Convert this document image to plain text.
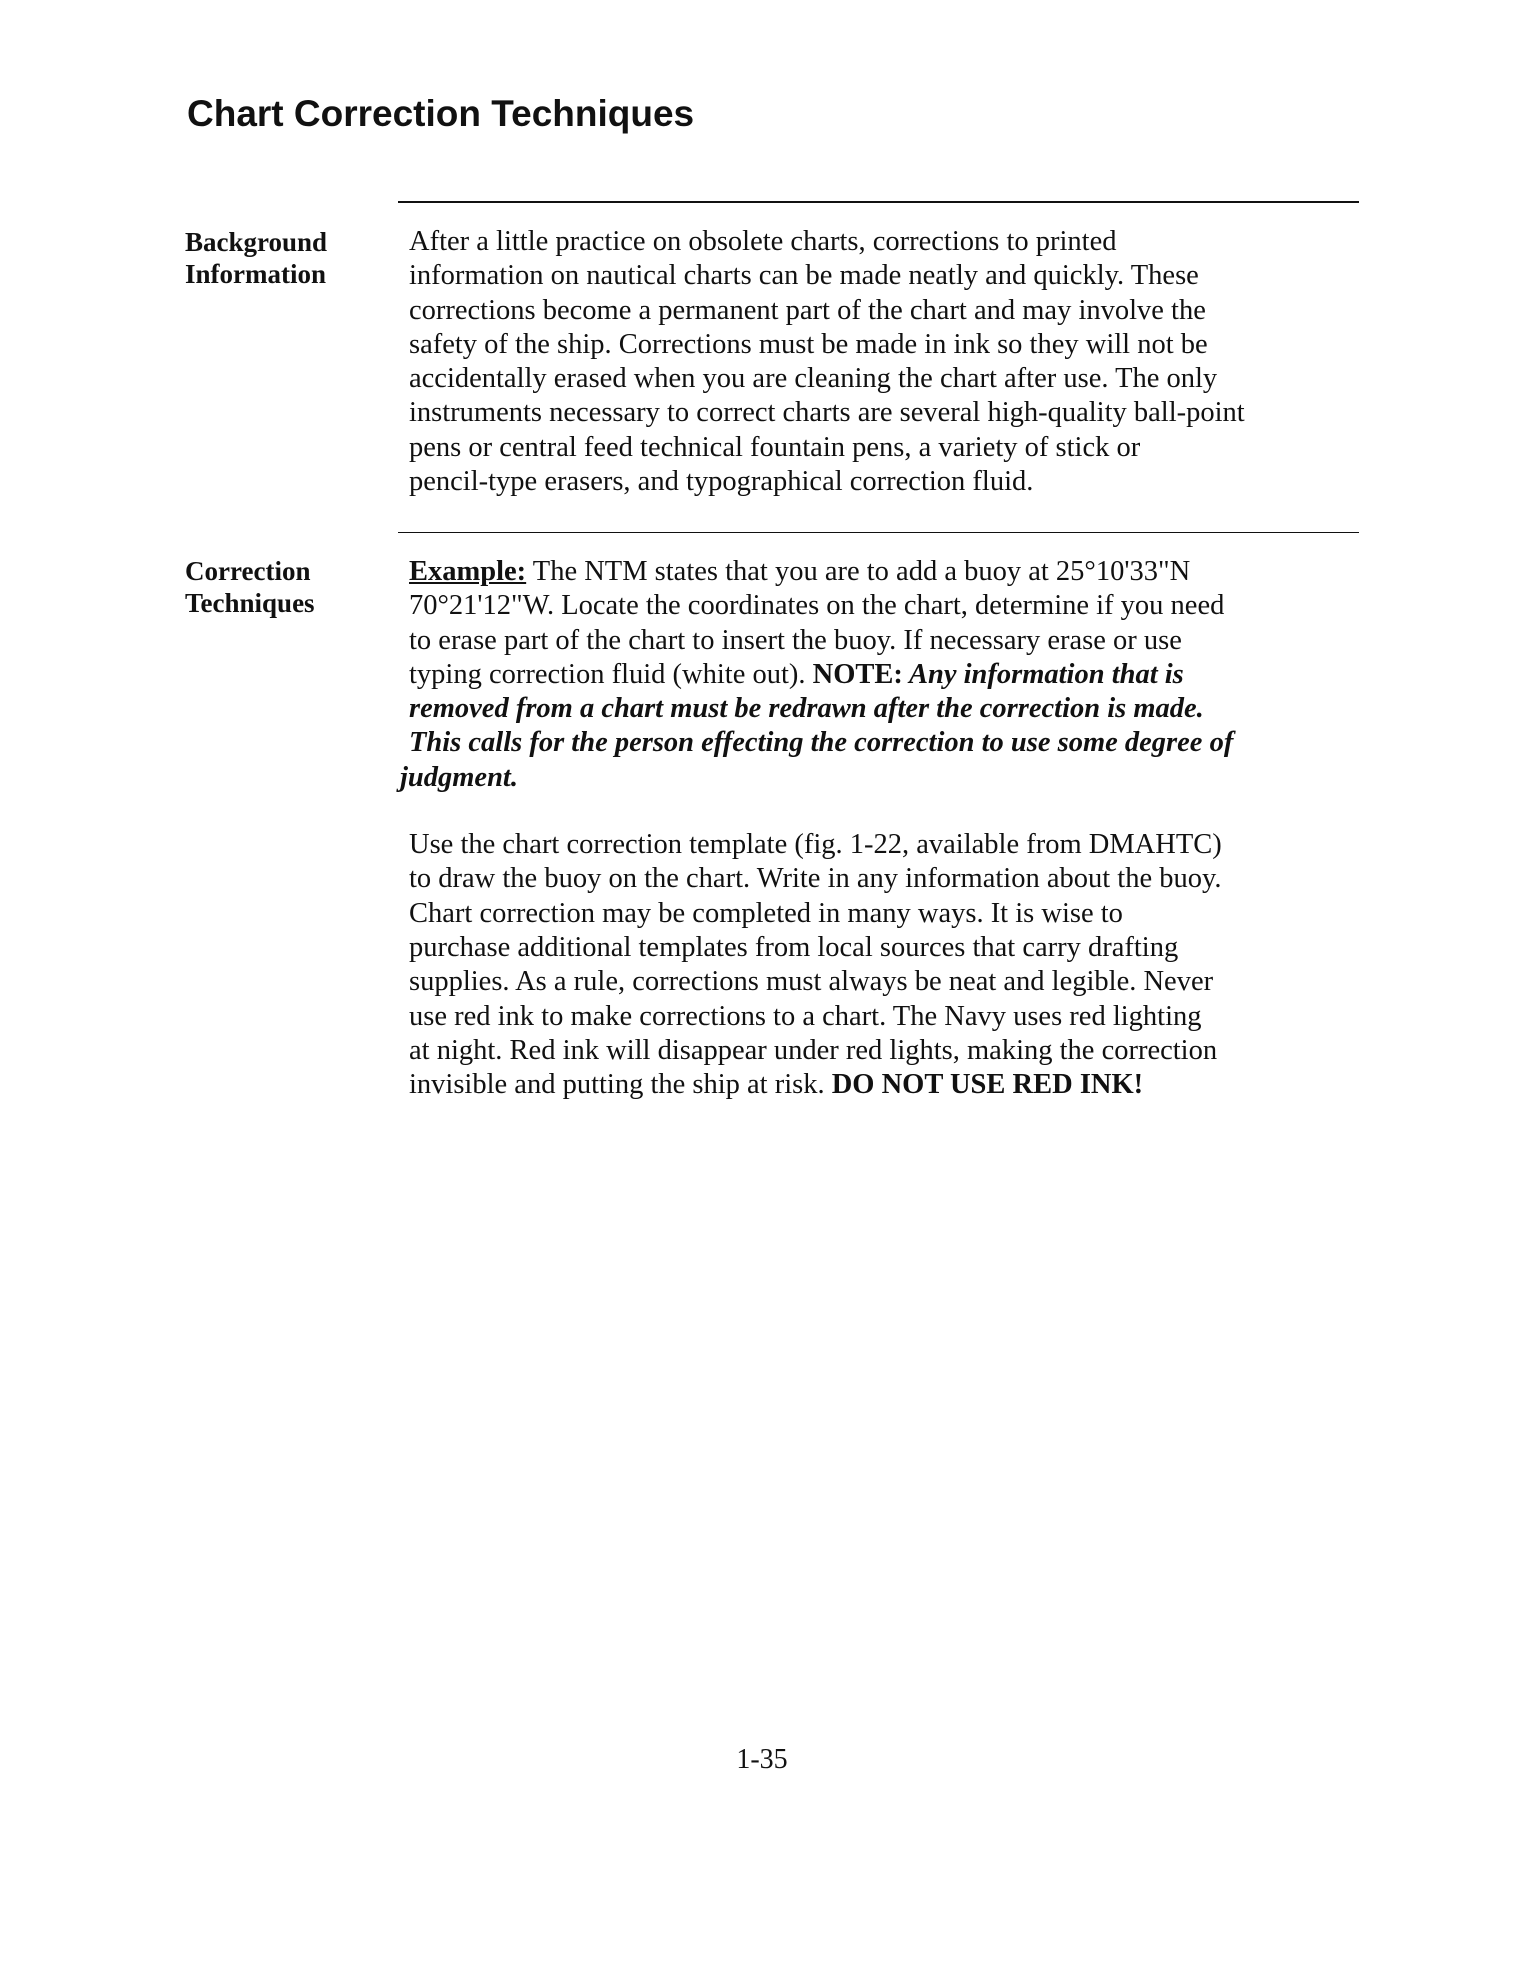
Chart Correction Techniques
Background
Information
After a little practice on obsolete charts, corrections to printed
information on nautical charts can be made neatly and quickly. These
corrections become a permanent part of the chart and may involve the
safety of the ship. Corrections must be made in ink so they will not be
accidentally erased when you are cleaning the chart after use. The only
instruments necessary to correct charts are several high-quality ball-point
pens or central feed technical fountain pens, a variety of stick or
pencil-type erasers, and typographical correction fluid.
Correction
Techniques
Example: The NTM states that you are to add a buoy at 25°10'33"N
70°21'12"W. Locate the coordinates on the chart, determine if you need
to erase part of the chart to insert the buoy. If necessary erase or use
typing correction fluid (white out). NOTE: Any information that is
removed from a chart must be redrawn after the correction is made.
This calls for the person effecting the correction to use some degree of
judgment.
Use the chart correction template (fig. 1-22, available from DMAHTC)
to draw the buoy on the chart. Write in any information about the buoy.
Chart correction may be completed in many ways. It is wise to
purchase additional templates from local sources that carry drafting
supplies. As a rule, corrections must always be neat and legible. Never
use red ink to make corrections to a chart. The Navy uses red lighting
at night. Red ink will disappear under red lights, making the correction
invisible and putting the ship at risk. DO NOT USE RED INK!
1-35
